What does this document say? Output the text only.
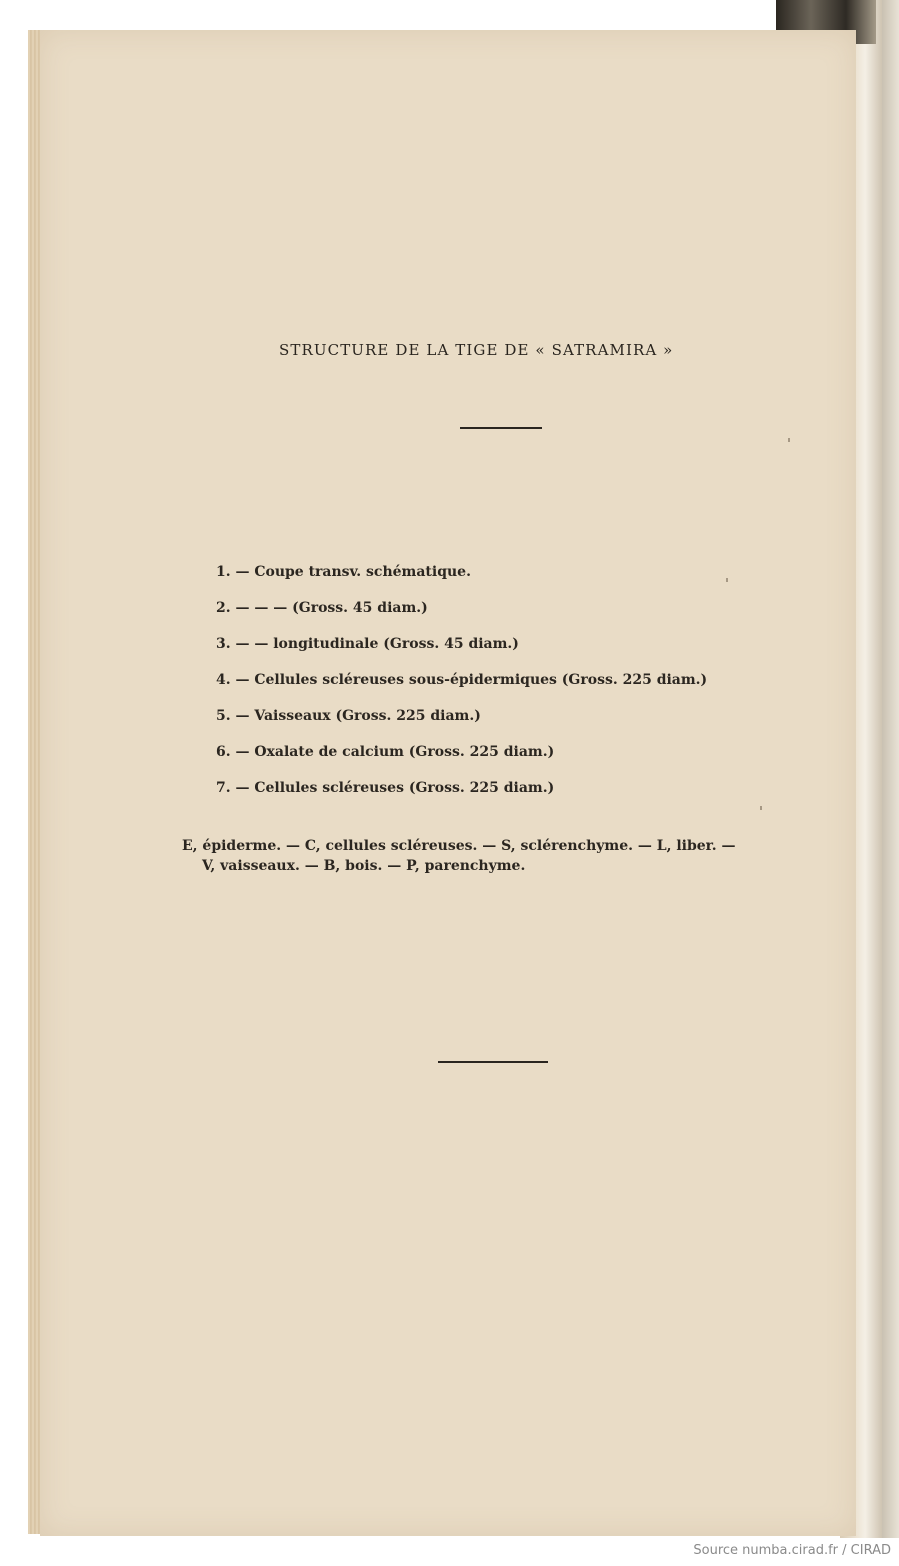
STRUCTURE DE LA TIGE DE « SATRAMIRA »
1. — Coupe transv. schématique.
2. — — — (Gross. 45 diam.)
3. — — longitudinale (Gross. 45 diam.)
4. — Cellules scléreuses sous-épidermiques (Gross. 225 diam.)
5. — Vaisseaux (Gross. 225 diam.)
6. — Oxalate de calcium (Gross. 225 diam.)
7. — Cellules scléreuses (Gross. 225 diam.)
E, épiderme. — C, cellules scléreuses. — S, sclérenchyme. — L, liber. —
V, vaisseaux. — B, bois. — P, parenchyme.
Source numba.cirad.fr / CIRAD
